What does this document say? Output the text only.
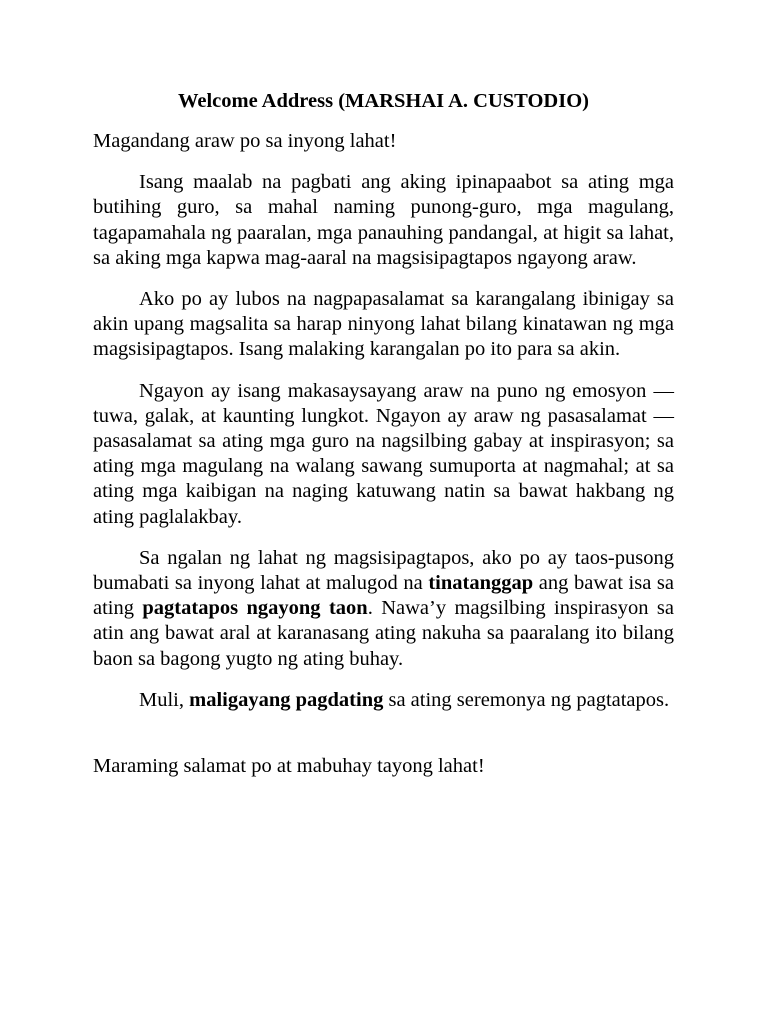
Welcome Address (MARSHAI A. CUSTODIO)

Magandang araw po sa inyong lahat!

Isang maalab na pagbati ang aking ipinapaabot sa ating mga butihing guro, sa mahal naming punong-guro, mga magulang, tagapamahala ng paaralan, mga panauhing pandangal, at higit sa lahat, sa aking mga kapwa mag-aaral na magsisipagtapos ngayong araw.

Ako po ay lubos na nagpapasalamat sa karangalang ibinigay sa akin upang magsalita sa harap ninyong lahat bilang kinatawan ng mga magsisipagtapos. Isang malaking karangalan po ito para sa akin.

Ngayon ay isang makasaysayang araw na puno ng emosyon — tuwa, galak, at kaunting lungkot. Ngayon ay araw ng pasasalamat — pasasalamat sa ating mga guro na nagsilbing gabay at inspirasyon; sa ating mga magulang na walang sawang sumuporta at nagmahal; at sa ating mga kaibigan na naging katuwang natin sa bawat hakbang ng ating paglalakbay.

Sa ngalan ng lahat ng magsisipagtapos, ako po ay taos-pusong bumabati sa inyong lahat at malugod na tinatanggap ang bawat isa sa ating pagtatapos ngayong taon. Nawa’y magsilbing inspirasyon sa atin ang bawat aral at karanasang ating nakuha sa paaralang ito bilang baon sa bagong yugto ng ating buhay.

Muli, maligayang pagdating sa ating seremonya ng pagtatapos.

Maraming salamat po at mabuhay tayong lahat!
